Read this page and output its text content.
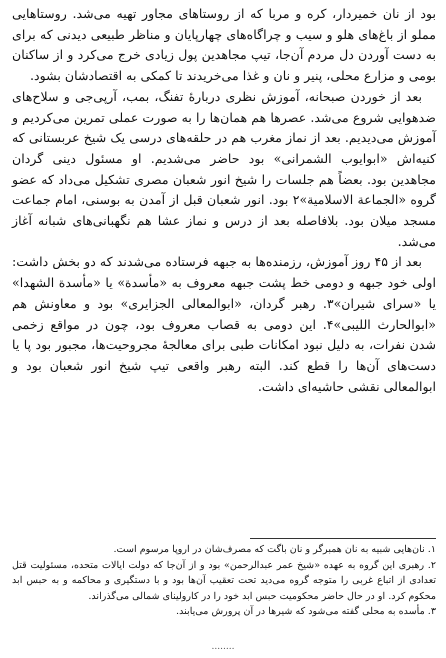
بود از نان خمیردار، کره و مربا که از روستاهای مجاور تهیه می‌شد. روستاهایی مملو از باغ‌های هلو و سیب و چراگاه‌های چهارپایان و مناظر طبیعی دیدنی که برای به دست آوردن دل مردم آن‌جا، تیپ مجاهدین پول زیادی خرج می‌کرد و از ساکنان بومی و مزارع محلی، پنیر و نان و غذا می‌خریدند تا کمکی به اقتصادشان بشود.

بعد از خوردن صبحانه، آموزش نظری دربارهٔ تفنگ، بمب، آرپی‌جی و سلاح‌های ضدهوایی شروع می‌شد. عصرها هم همان‌ها را به صورت عملی تمرین می‌کردیم و آموزش می‌دیدیم. بعد از نماز مغرب هم در حلقه‌های درسی یک شیخ عربستانی که کنیه‌اش «ابوایوب الشمرانی» بود حاضر می‌شدیم. او مسئول دینی گردان مجاهدین بود. بعضاً هم جلسات را شیخ انور شعبان مصری تشکیل می‌داد که عضو گروه «الجماعة الاسلامیة»۲ بود. انور شعبان قبل از آمدن به بوسنی، امام جماعت مسجد میلان بود. بلافاصله بعد از درس و نماز عشا هم نگهبانی‌های شبانه آغاز می‌شد.

بعد از ۴۵ روز آموزش، رزمنده‌ها به جبهه فرستاده می‌شدند که دو بخش داشت: اولی خود جبهه و دومی خط پشت جبهه معروف به «مأسدة» یا «مأسدة الشهدا» یا «سرای شیران»۳. رهبر گردان، «ابوالمعالی الجزایری» بود و معاونش هم «ابوالحارث اللیبی»۴. این دومی به قصاب معروف بود، چون در مواقع زخمی شدن نفرات، به دلیل نبود امکانات طبی برای معالجهٔ مجروحیت‌ها، مجبور بود پا یا دست‌های آن‌ها را قطع کند. البته رهبر واقعی تیپ شیخ انور شعبان بود و ابوالمعالی نقشی حاشیه‌ای داشت.

۱. نان‌هایی شبیه به نان همبرگر و نان باگت که مصرف‌شان در اروپا مرسوم است.

۲. رهبری این گروه به عهده «شیخ عمر عبدالرحمن» بود و از آن‌جا که دولت ایالات متحده، مسئولیت قتل تعدادی از اتباع غربی را متوجه گروه می‌دید تحت تعقیب آن‌ها بود و با دستگیری و محاکمه و به حبس ابد محکوم کرد. او در حال حاضر محکومیت حبس ابد خود را در کارولینای شمالی می‌گذراند.

۳. مأسده به محلی گفته می‌شود که شیرها در آن پرورش می‌یابند.

........
